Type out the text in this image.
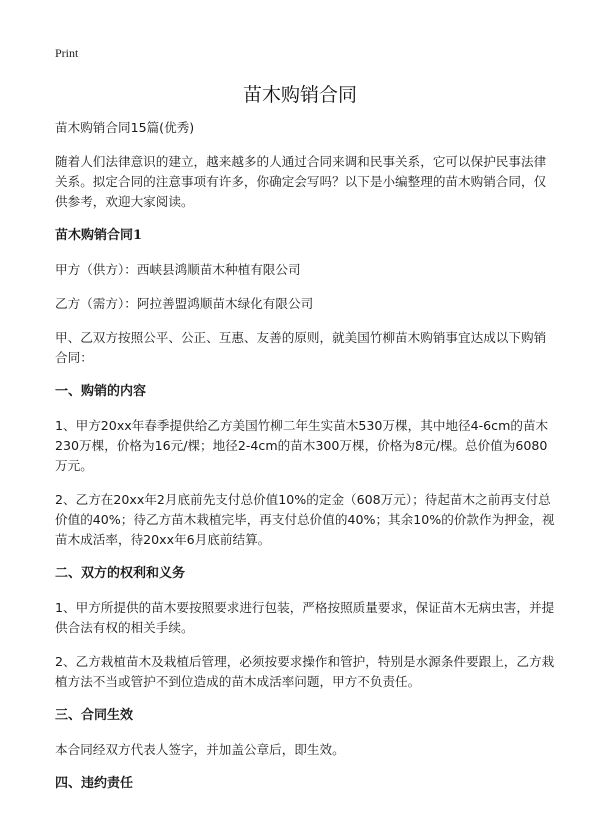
Print
苗木购销合同

苗木购销合同15篇(优秀)

随着人们法律意识的建立，越来越多的人通过合同来调和民事关系，它可以保护民事法律关系。拟定合同的注意事项有许多，你确定会写吗？以下是小编整理的苗木购销合同，仅供参考，欢迎大家阅读。

苗木购销合同1

甲方（供方）：西峡县鸿顺苗木种植有限公司

乙方（需方）：阿拉善盟鸿顺苗木绿化有限公司

甲、乙双方按照公平、公正、互惠、友善的原则，就美国竹柳苗木购销事宜达成以下购销合同：

一、购销的内容

1、甲方20xx年春季提供给乙方美国竹柳二年生实苗木530万棵，其中地径4-6cm的苗木230万棵，价格为16元/棵；地径2-4cm的苗木300万棵，价格为8元/棵。总价值为6080万元。

2、乙方在20xx年2月底前先支付总价值10%的定金（608万元）；待起苗木之前再支付总价值的40%；待乙方苗木栽植完毕，再支付总价值的40%；其余10%的价款作为押金，视苗木成活率，待20xx年6月底前结算。

二、双方的权利和义务

1、甲方所提供的苗木要按照要求进行包装，严格按照质量要求，保证苗木无病虫害，并提供合法有权的相关手续。

2、乙方栽植苗木及栽植后管理，必须按要求操作和管护，特别是水源条件要跟上，乙方栽植方法不当或管护不到位造成的苗木成活率问题，甲方不负责任。

三、合同生效

本合同经双方代表人签字，并加盖公章后，即生效。

四、违约责任
